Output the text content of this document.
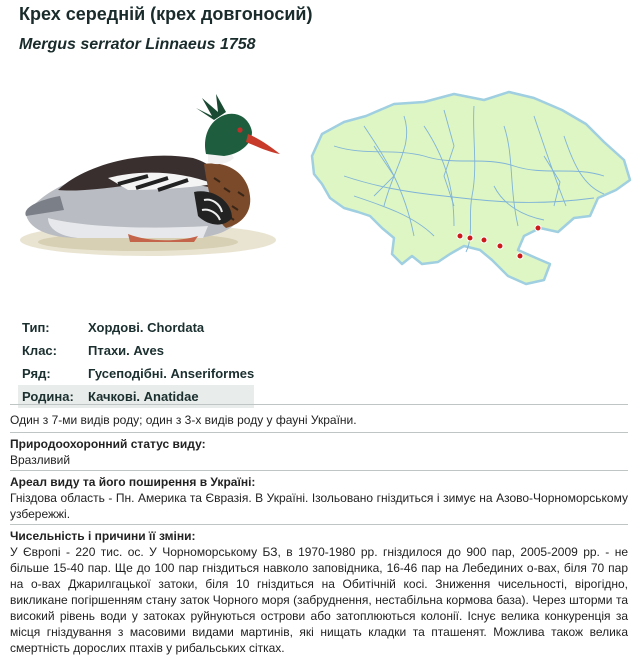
Крех середній (крех довгоносий)
Mergus serrator Linnaeus 1758
Тип:	Хордові. Chordata
Клас:	Птахи. Aves
Ряд:	Гусеподібні. Anseriformes
Родина:	Качкові. Anatidae

Один з 7-ми видів роду; один з 3-х видів роду у фауні України.

Природоохоронний статус виду:

Вразливий

Ареал виду та його поширення в Україні:

Гніздова область - Пн. Америка та Євразія. В Україні. Ізольовано гніздиться і зимує на Азово-Чорноморському узбережжі.

Чисельність і причини її зміни:

У Європі - 220 тис. ос. У Чорноморському БЗ, в 1970-1980 рр. гніздилося до 900 пар, 2005-2009 рр. - не більше 15-40 пар. Ще до 100 пар гніздиться навколо заповідника, 16-46 пар на Лебединих о-вах, біля 70 пар на о-вах Джарилгацької затоки, біля 10 гніздиться на Обитічній косі. Зниження чисельності, вірогідно, викликане погіршенням стану заток Чорного моря (забруднення, нестабільна кормова база). Через шторми та високий рівень води у затоках руйнуються острови або затоплюються колонії. Існує велика конкуренція за місця гніздування з масовими видами мартинів, які нищать кладки та пташенят. Можлива також велика смертність дорослих птахів у рибальських сітках.
